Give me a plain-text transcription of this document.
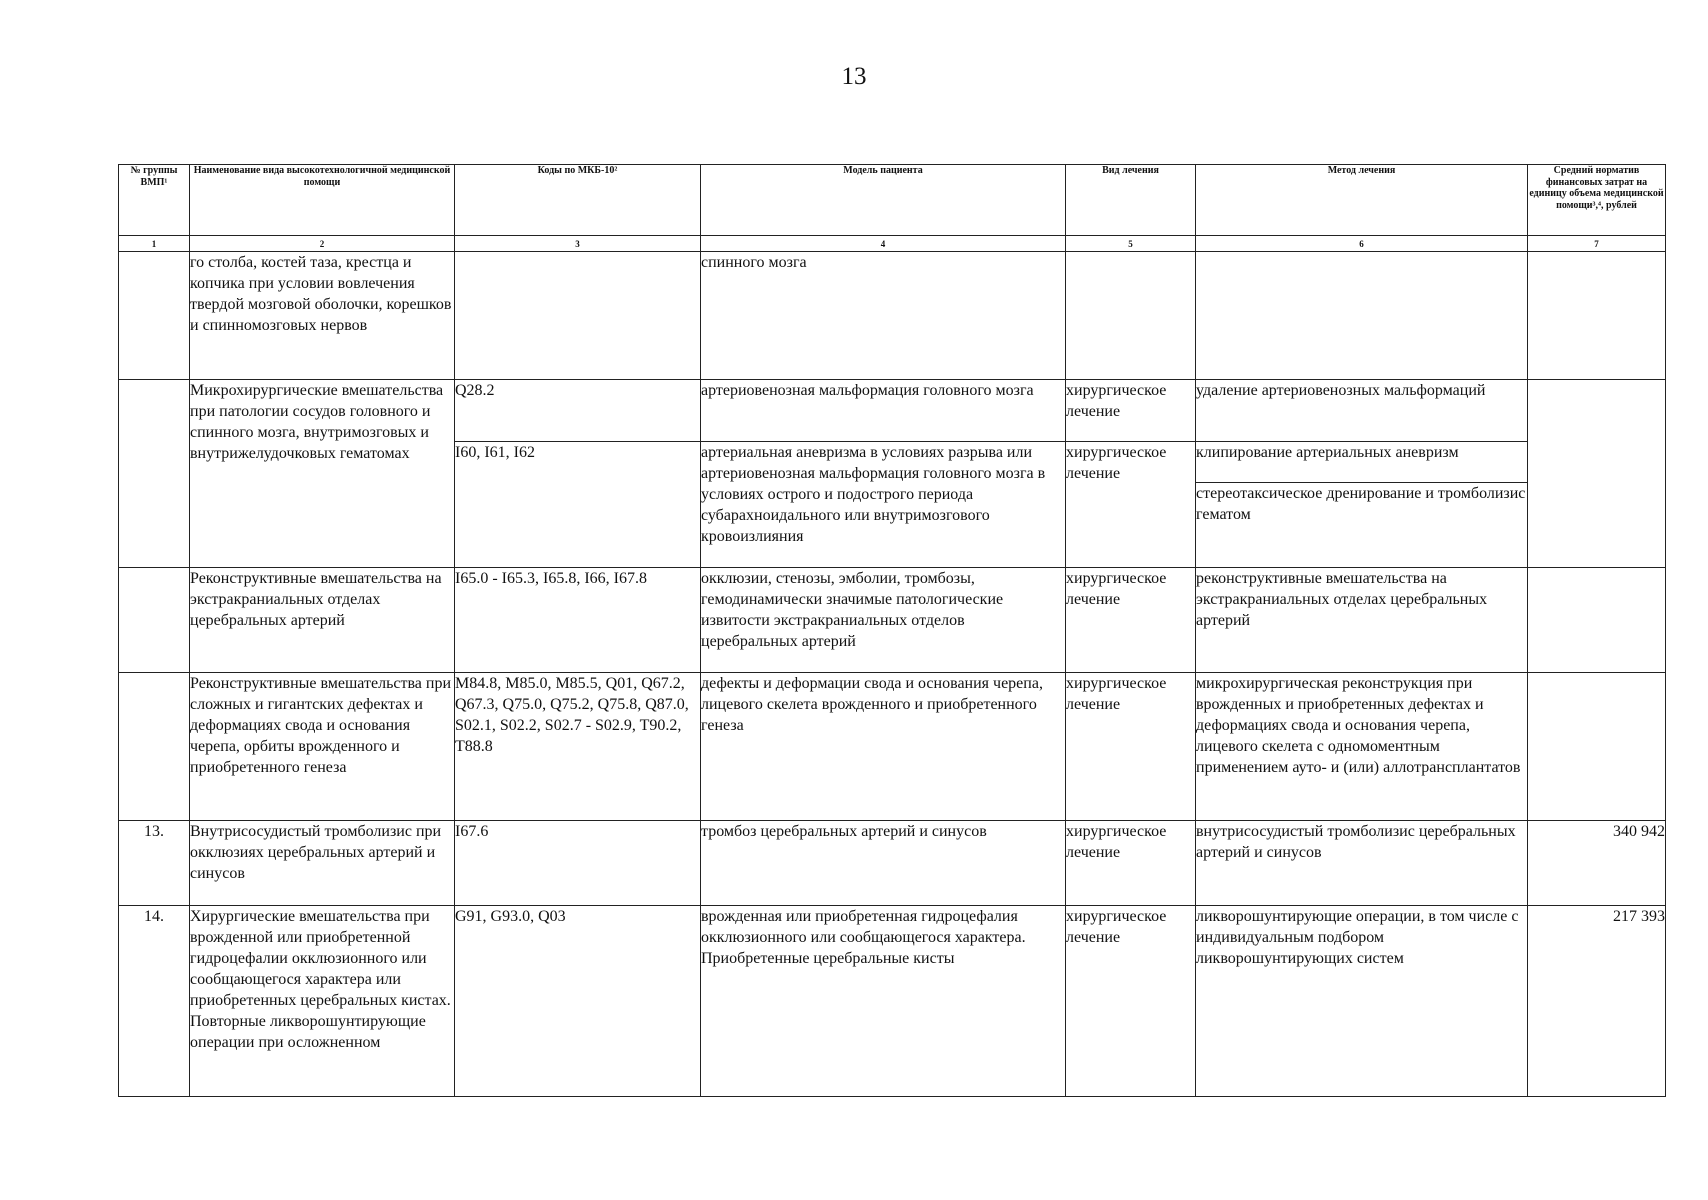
13
№ группы ВМП¹	Наименование вида высокотехнологичной медицинской помощи	Коды по МКБ-10²	Модель пациента	Вид лечения	Метод лечения	Средний норматив финансовых затрат на единицу объема медицинской помощи³,⁴, рублей
1	2	3	4	5	6	7
	го столба, костей таза, крестца и копчика при условии вовлечения твердой мозговой оболочки, корешков и спинномозговых нервов		спинного мозга			
	Микрохирургические вмешательства при патологии сосудов головного и спинного мозга, внутримозговых и внутрижелудочковых гематомах	Q28.2	артериовенозная мальформация головного мозга	хирургическое лечение	удаление артериовенозных мальформаций	
		I60, I61, I62	артериальная аневризма в условиях разрыва или артериовенозная мальформация головного мозга в условиях острого и подострого периода субарахноидального или внутримозгового кровоизлияния	хирургическое лечение	клипирование артериальных аневризм	
					стереотаксическое дренирование и тромболизис гематом	
	Реконструктивные вмешательства на экстракраниальных отделах церебральных артерий	I65.0 - I65.3, I65.8, I66, I67.8	окклюзии, стенозы, эмболии, тромбозы, гемодинамически значимые патологические извитости экстракраниальных отделов церебральных артерий	хирургическое лечение	реконструктивные вмешательства на экстракраниальных отделах церебральных артерий	
	Реконструктивные вмешательства при сложных и гигантских дефектах и деформациях свода и основания черепа, орбиты врожденного и приобретенного генеза	M84.8, M85.0, M85.5, Q01, Q67.2, Q67.3, Q75.0, Q75.2, Q75.8, Q87.0, S02.1, S02.2, S02.7 - S02.9, T90.2, T88.8	дефекты и деформации свода и основания черепа, лицевого скелета врожденного и приобретенного генеза	хирургическое лечение	микрохирургическая реконструкция при врожденных и приобретенных дефектах и деформациях свода и основания черепа, лицевого скелета с одномоментным применением ауто- и (или) аллотрансплантатов	
13.	Внутрисосудистый тромболизис при окклюзиях церебральных артерий и синусов	I67.6	тромбоз церебральных артерий и синусов	хирургическое лечение	внутрисосудистый тромболизис церебральных артерий и синусов	340 942
14.	Хирургические вмешательства при врожденной или приобретенной гидроцефалии окклюзионного или сообщающегося характера или приобретенных церебральных кистах. Повторные ликворошунтирующие операции при осложненном	G91, G93.0, Q03	врожденная или приобретенная гидроцефалия окклюзионного или сообщающегося характера. Приобретенные церебральные кисты	хирургическое лечение	ликворошунтирующие операции, в том числе с индивидуальным подбором ликворошунтирующих систем	217 393
